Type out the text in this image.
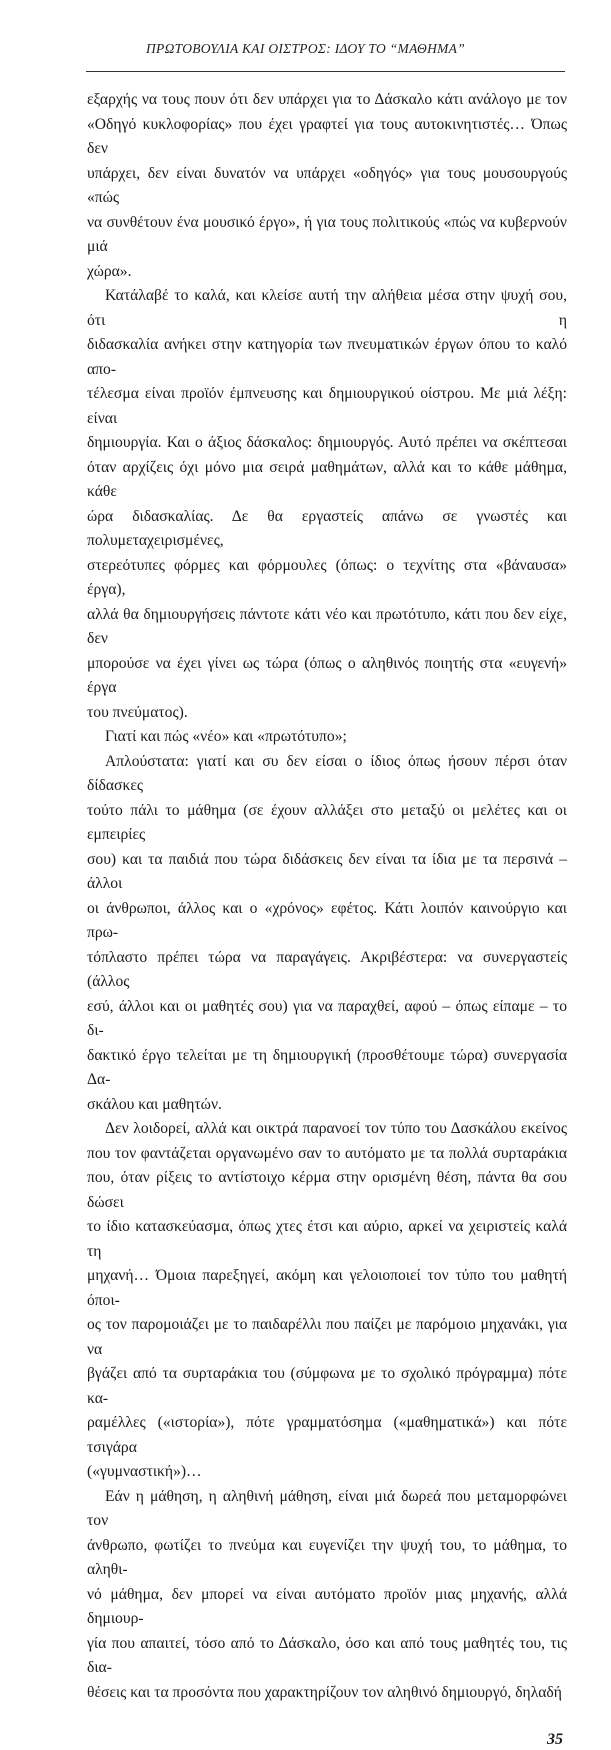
ΠΡΩΤΟΒΟΥΛΙΑ ΚΑΙ ΟΙΣΤΡΟΣ: ΙΔΟΥ ΤΟ “ΜΑΘΗΜΑ”
εξαρχής να τους πουν ότι δεν υπάρχει για το Δάσκαλο κάτι ανάλογο με τον
«Οδηγό κυκλοφορίας» που έχει γραφτεί για τους αυτοκινητιστές… Όπως δεν
υπάρχει, δεν είναι δυνατόν να υπάρχει «οδηγός» για τους μουσουργούς «πώς
να συνθέτουν ένα μουσικό έργο», ή για τους πολιτικούς «πώς να κυβερνούν μιά
χώρα».
Κατάλαβέ το καλά, και κλείσε αυτή την αλήθεια μέσα στην ψυχή σου, ότι η
διδασκαλία ανήκει στην κατηγορία των πνευματικών έργων όπου το καλό απο-
τέλεσμα είναι προϊόν έμπνευσης και δημιουργικού οίστρου. Με μιά λέξη: είναι
δημιουργία. Και ο άξιος δάσκαλος: δημιουργός. Αυτό πρέπει να σκέπτεσαι
όταν αρχίζεις όχι μόνο μια σειρά μαθημάτων, αλλά και το κάθε μάθημα, κάθε
ώρα διδασκαλίας. Δε θα εργαστείς απάνω σε γνωστές και πολυμεταχειρισμένες,
στερεότυπες φόρμες και φόρμουλες (όπως: ο τεχνίτης στα «βάναυσα» έργα),
αλλά θα δημιουργήσεις πάντοτε κάτι νέο και πρωτότυπο, κάτι που δεν είχε, δεν
μπορούσε να έχει γίνει ως τώρα (όπως ο αληθινός ποιητής στα «ευγενή» έργα
του πνεύματος).
Γιατί και πώς «νέο» και «πρωτότυπο»;
Απλούστατα: γιατί και συ δεν είσαι ο ίδιος όπως ήσουν πέρσι όταν δίδασκες
τούτο πάλι το μάθημα (σε έχουν αλλάξει στο μεταξύ οι μελέτες και οι εμπειρίες
σου) και τα παιδιά που τώρα διδάσκεις δεν είναι τα ίδια με τα περσινά – άλλοι
οι άνθρωποι, άλλος και ο «χρόνος» εφέτος. Κάτι λοιπόν καινούργιο και πρω-
τόπλαστο πρέπει τώρα να παραγάγεις. Ακριβέστερα: να συνεργαστείς (άλλος
εσύ, άλλοι και οι μαθητές σου) για να παραχθεί, αφού – όπως είπαμε – το δι-
δακτικό έργο τελείται με τη δημιουργική (προσθέτουμε τώρα) συνεργασία Δα-
σκάλου και μαθητών.
Δεν λοιδορεί, αλλά και οικτρά παρανοεί τον τύπο του Δασκάλου εκείνος
που τον φαντάζεται οργανωμένο σαν το αυτόματο με τα πολλά συρταράκια
που, όταν ρίξεις το αντίστοιχο κέρμα στην ορισμένη θέση, πάντα θα σου δώσει
το ίδιο κατασκεύασμα, όπως χτες έτσι και αύριο, αρκεί να χειριστείς καλά τη
μηχανή… Όμοια παρεξηγεί, ακόμη και γελοιοποιεί τον τύπο του μαθητή όποι-
ος τον παρομοιάζει με το παιδαρέλλι που παίζει με παρόμοιο μηχανάκι, για να
βγάζει από τα συρταράκια του (σύμφωνα με το σχολικό πρόγραμμα) πότε κα-
ραμέλλες («ιστορία»), πότε γραμματόσημα («μαθηματικά») και πότε τσιγάρα
(«γυμναστική»)…
Εάν η μάθηση, η αληθινή μάθηση, είναι μιά δωρεά που μεταμορφώνει τον
άνθρωπο, φωτίζει το πνεύμα και ευγενίζει την ψυχή του, το μάθημα, το αληθι-
νό μάθημα, δεν μπορεί να είναι αυτόματο προϊόν μιας μηχανής, αλλά δημιουρ-
γία που απαιτεί, τόσο από το Δάσκαλο, όσο και από τους μαθητές του, τις δια-
θέσεις και τα προσόντα που χαρακτηρίζουν τον αληθινό δημιουργό, δηλαδή
35
